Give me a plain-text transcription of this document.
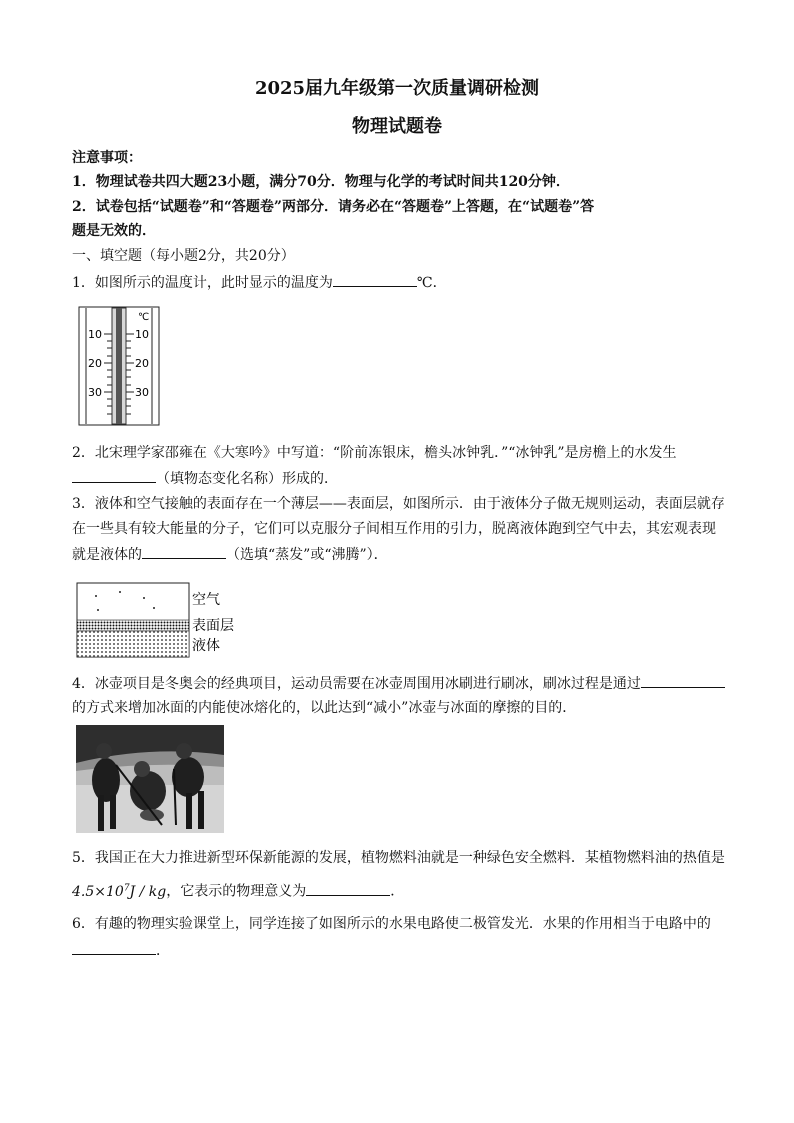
2025届九年级第一次质量调研检测
物理试题卷
注意事项：
1．物理试卷共四大题23小题，满分70分．物理与化学的考试时间共120分钟．
2．试卷包括“试题卷”和“答题卷”两部分．请务必在“答题卷”上答题，在“试题卷”答
题是无效的．
一、填空题（每小题2分，共20分）
1．如图所示的温度计，此时显示的温度为	℃．
℃
10	10
20	20
30	30
2．北宋理学家邵雍在《大寒吟》中写道：“阶前冻银床，檐头冰钟乳．”“冰钟乳”是房檐上的水发生
（填物态变化名称）形成的．
3．液体和空气接触的表面存在一个薄层——表面层，如图所示．由于液体分子做无规则运动，表面层就存
在一些具有较大能量的分子，它们可以克服分子间相互作用的引力，脱离液体跑到空气中去，其宏观表现
就是液体的	（选填“蒸发”或“沸腾”）．
空气
表面层
液体
4．冰壶项目是冬奥会的经典项目，运动员需要在冰壶周围用冰刷进行刷冰，刷冰过程是通过
的方式来增加冰面的内能使冰熔化的，以此达到“减小”冰壶与冰面的摩擦的目的．
5．我国正在大力推进新型环保新能源的发展，植物燃料油就是一种绿色安全燃料．某植物燃料油的热值是
$4.5\times 10^7J$ / kg，它表示的物理意义为	．
6．有趣的物理实验课堂上，同学连接了如图所示的水果电路使二极管发光．水果的作用相当于电路中的
．
